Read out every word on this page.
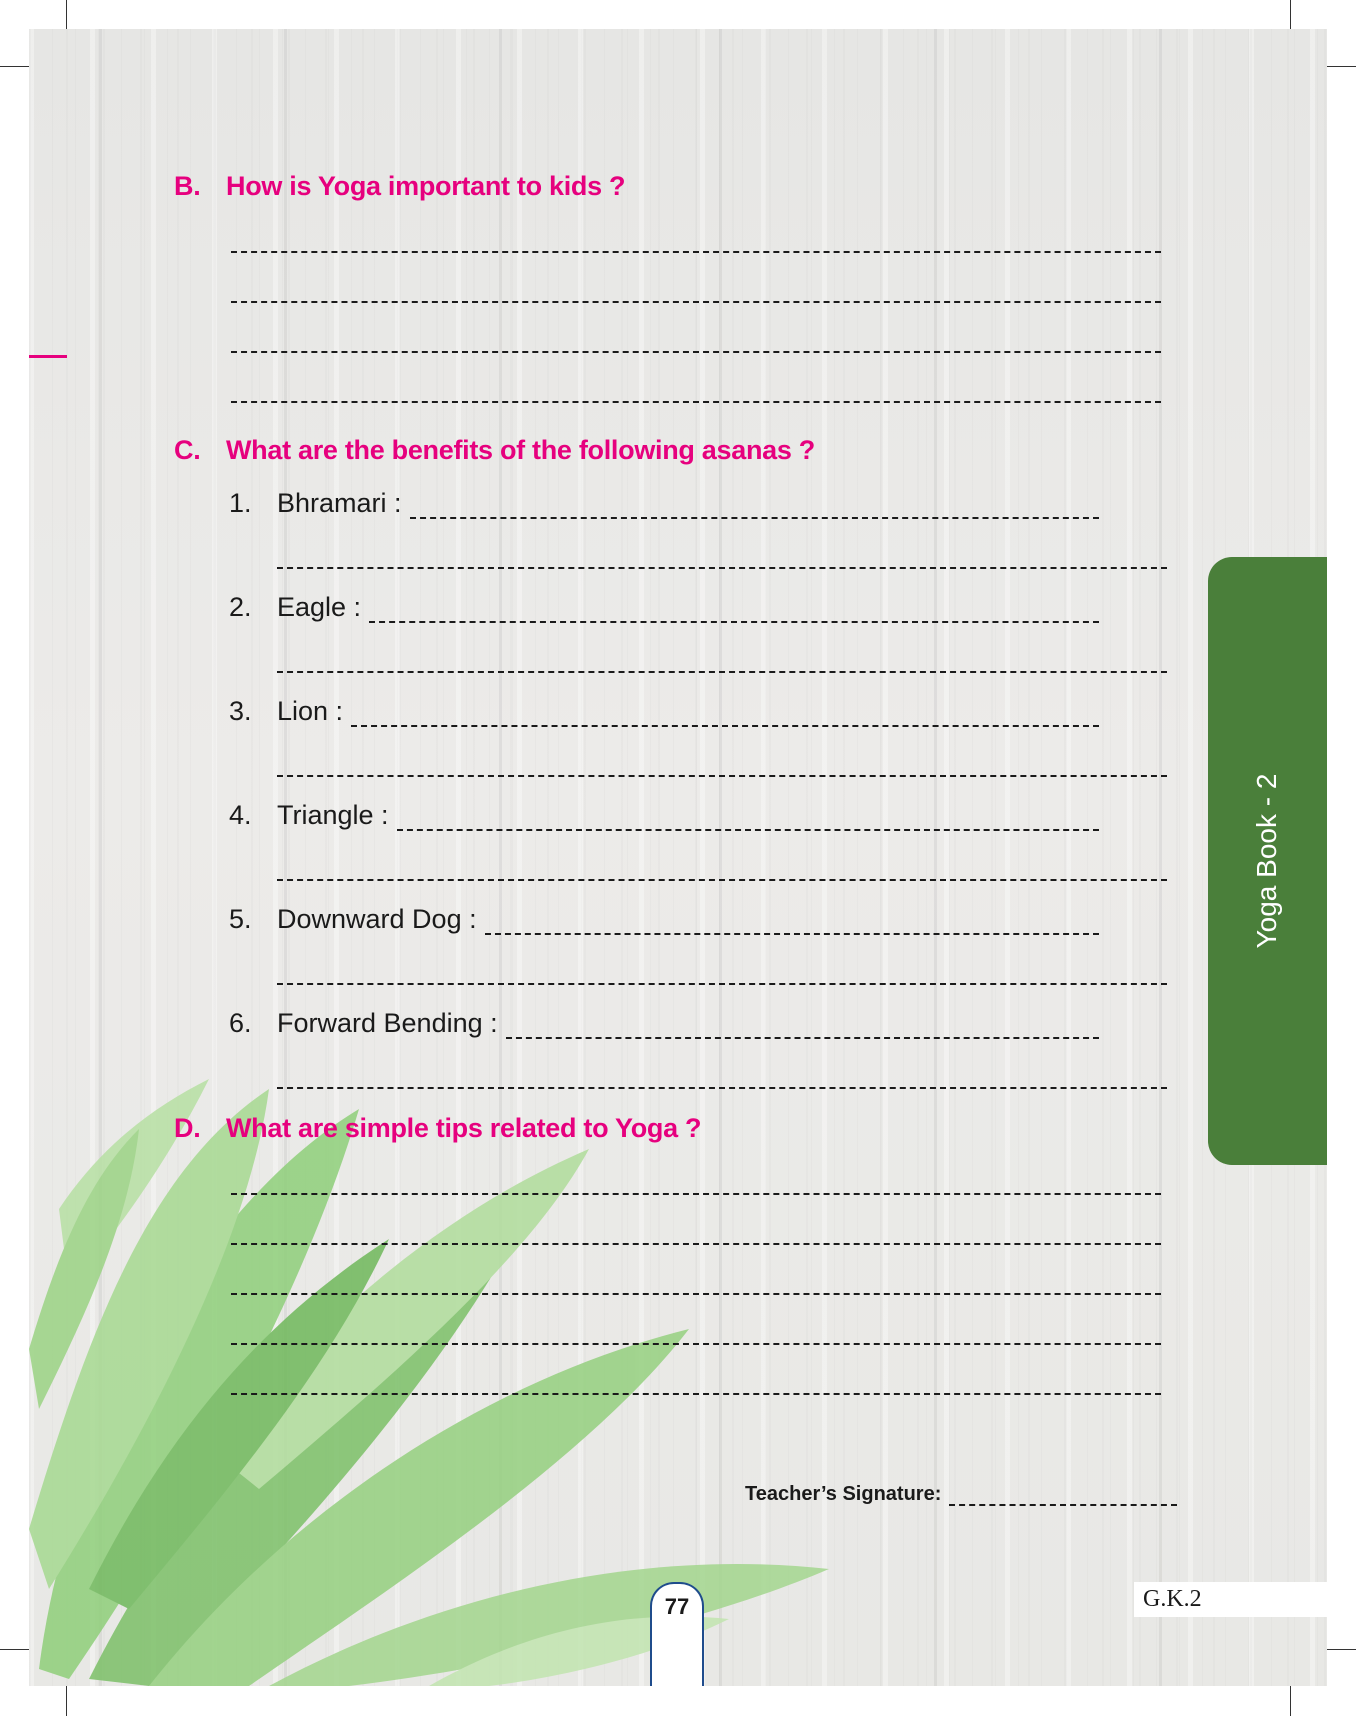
B. How is Yoga important to kids ?
C. What are the benefits of the following asanas ?
1. Bhramari :
2. Eagle :
3. Lion :
4. Triangle :
5. Downward Dog :
6. Forward Bending :
D. What are simple tips related to Yoga ?
Teacher’s Signature:
Yoga Book - 2
77	G.K.2
